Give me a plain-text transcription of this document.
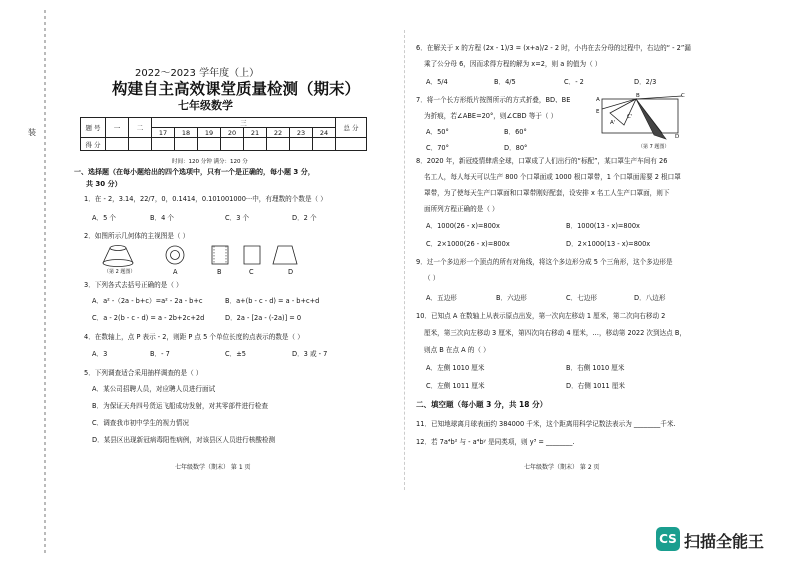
装
2022～2023 学年度（上）
构建自主高效课堂质量检测（期末）
七年级数学
题 号	一	二	三								总 分
			17	18	19	20	21	22	23	24	
得 分											
时间：120 分钟 满分：120 分
一、选择题（在每小题给出的四个选项中，只有一个是正确的，每小题 3 分，
共 30 分）
1．在 - 2，3.14，22/7，0，0.1414，0.101001000···中，有理数的个数是（ ）
A．5 个	B．4 个	C．3 个	D．2 个
2．如图所示几何体的主视图是（ ）
（第 2 题图）	A	B	C	D
3．下列各式去括号正确的是（ ）
A．a² -（2a - b+c）=a² - 2a - b+c	B．a+(b - c - d) = a - b+c+d
C．a - 2(b - c - d) = a - 2b+2c+2d	D．2a - [2a - (-2a)] = 0
4．在数轴上，点 P 表示 - 2，则距 P 点 5 个单位长度的点表示的数是（ ）
A．3	B．- 7	C．±5	D．3 或 - 7
5．下列调查适合采用抽样调查的是（ ）
A．某公司招聘人员，对应聘人员进行面试
B．为保证天舟四号货运飞船成功发射，对其零部件进行检查
C．调查我市初中学生的视力情况
D．某县区出现新冠病毒阳性病例，对该县区人员进行核酸检测
七年级数学（期末） 第 1 页
6．在解关于 x 的方程 (2x - 1)/3 = (x+a)/2 - 2 时，小冉在去分母的过程中，右边的“ - 2”漏
乘了公分母 6，因而求得方程的解为 x=2，则 a 的值为（ ）
A．5/4	B．4/5	C．- 2	D．2/3
7．将一个长方形纸片按图所示的方式折叠，BD、BE
为折痕，若∠ABE=20°，则∠CBD 等于（ ）
A．50°	B．60°
C．70°	D．80°
A
B	C
E
A'
C'
D
（第 7 题图）
8．2020 年，新冠疫情肆虐全球，口罩成了人们出行的“标配”，某口罩生产车间有 26
名工人，每人每天可以生产 800 个口罩面或 1000 根口罩带，1 个口罩面需要 2 根口罩
罩带，为了使每天生产口罩面和口罩带刚好配套，设安排 x 名工人生产口罩面，则下
面所列方程正确的是（ ）
A．1000(26 - x)=800x	B．1000(13 - x)=800x
C．2×1000(26 - x)=800x	D．2×1000(13 - x)=800x
9．过一个多边形一个顶点的所有对角线，将这个多边形分成 5 个三角形，这个多边形是
（ ）
A．五边形	B．六边形	C．七边形	D．八边形
10．已知点 A 在数轴上从表示原点出发，第一次向左移动 1 厘米，第二次向右移动 2
厘米，第三次向左移动 3 厘米，第四次向右移动 4 厘米，…，移动第 2022 次到达点 B，
则点 B 在点 A 的（ ）
A．左侧 1010 厘米	B．右侧 1010 厘米
C．左侧 1011 厘米	D．右侧 1011 厘米
二、填空题（每小题 3 分，共 18 分）
11．已知地球离月球表面约 384000 千米，这个距离用科学记数法表示为 ________千米.
12．若 7a⁴b² 与 - a⁴bʸ 是同类项，则 y³ = ________.
七年级数学（期末） 第 2 页
CS 扫描全能王
